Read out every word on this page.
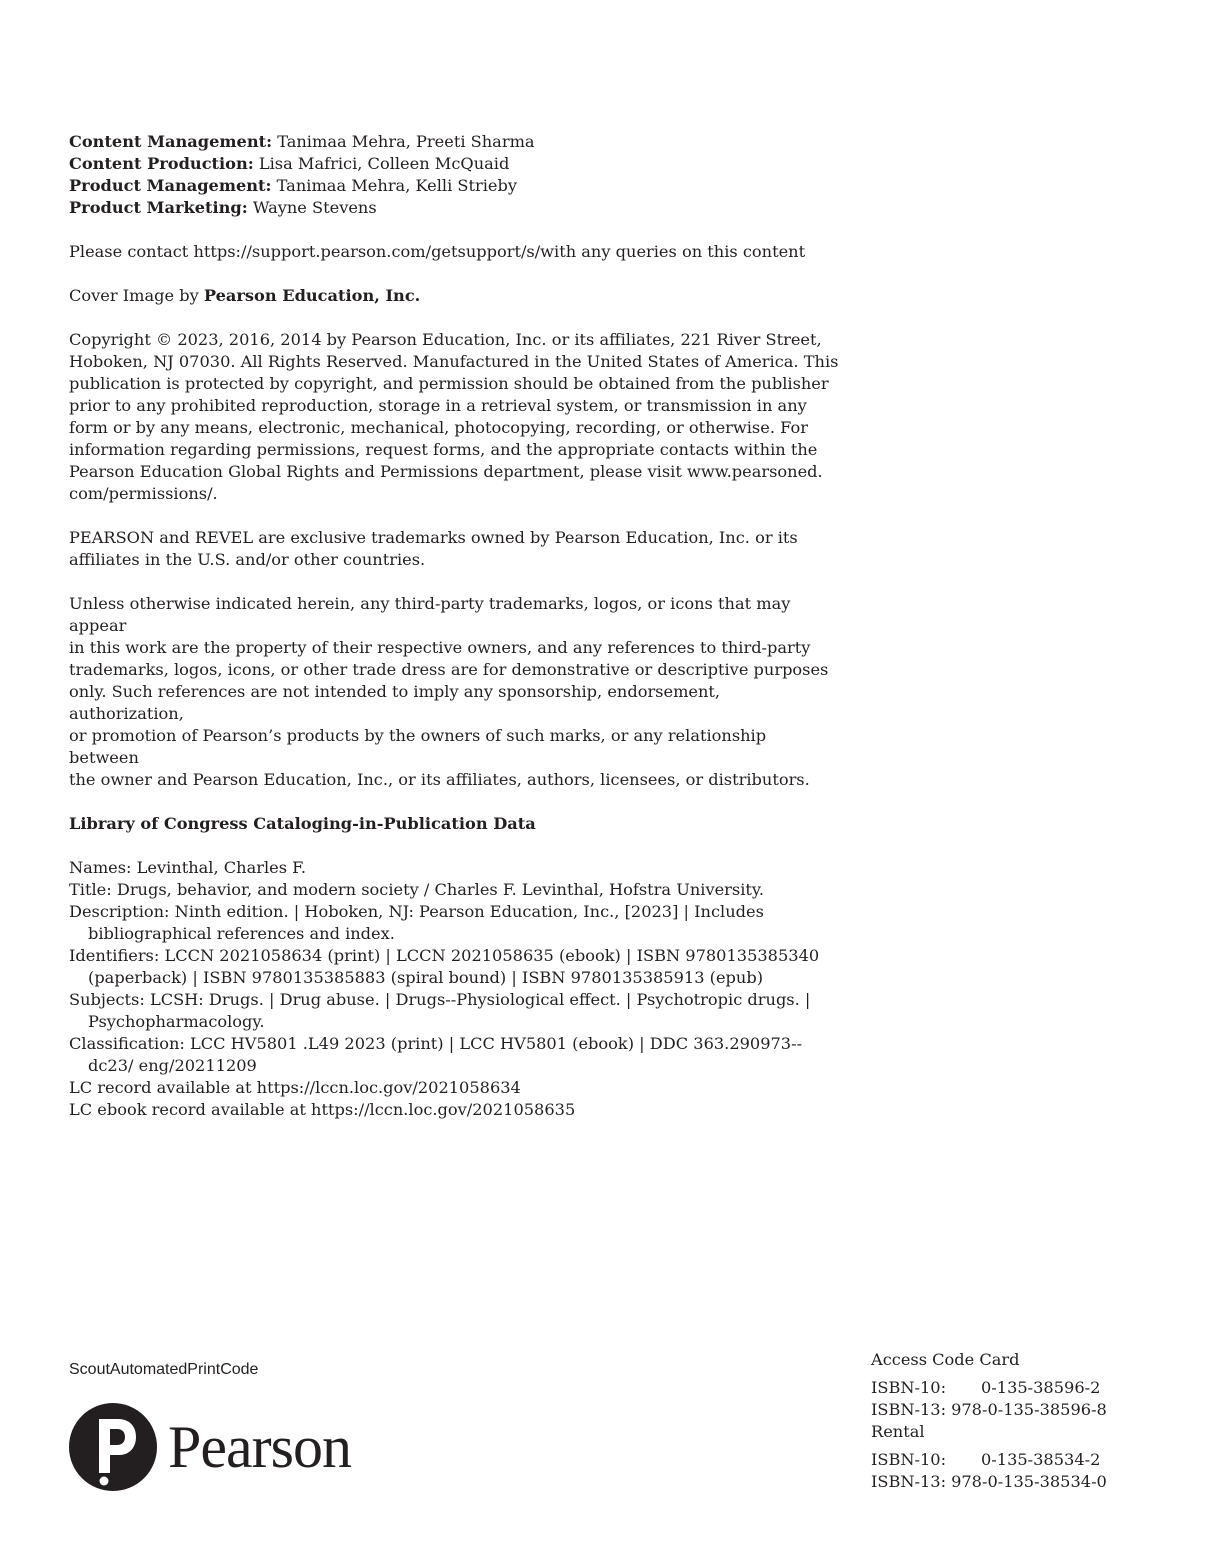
Content Management: Tanimaa Mehra, Preeti Sharma

Content Production: Lisa Mafrici, Colleen McQuaid

Product Management: Tanimaa Mehra, Kelli Strieby

Product Marketing: Wayne Stevens

Please contact https://support.pearson.com/getsupport/s/with any queries on this content

Cover Image by Pearson Education, Inc.

Copyright © 2023, 2016, 2014 by Pearson Education, Inc. or its affiliates, 221 River Street,

Hoboken, NJ 07030. All Rights Reserved. Manufactured in the United States of America. This

publication is protected by copyright, and permission should be obtained from the publisher

prior to any prohibited reproduction, storage in a retrieval system, or transmission in any

form or by any means, electronic, mechanical, photocopying, recording, or otherwise. For

information regarding permissions, request forms, and the appropriate contacts within the

Pearson Education Global Rights and Permissions department, please visit www.pearsoned.

com/permissions/.

PEARSON and REVEL are exclusive trademarks owned by Pearson Education, Inc. or its

affiliates in the U.S. and/or other countries.

Unless otherwise indicated herein, any third-party trademarks, logos, or icons that may appear

in this work are the property of their respective owners, and any references to third-party

trademarks, logos, icons, or other trade dress are for demonstrative or descriptive purposes

only. Such references are not intended to imply any sponsorship, endorsement, authorization,

or promotion of Pearson’s products by the owners of such marks, or any relationship between

the owner and Pearson Education, Inc., or its affiliates, authors, licensees, or distributors.

Library of Congress Cataloging-in-Publication Data

Names: Levinthal, Charles F.

Title: Drugs, behavior, and modern society / Charles F. Levinthal, Hofstra University.

Description: Ninth edition. | Hoboken, NJ: Pearson Education, Inc., [2023] | Includes bibliographical references and index.

Identifiers: LCCN 2021058634 (print) | LCCN 2021058635 (ebook) | ISBN 9780135385340 (paperback) | ISBN 9780135385883 (spiral bound) | ISBN 9780135385913 (epub)

Subjects: LCSH: Drugs. | Drug abuse. | Drugs--Physiological effect. | Psychotropic drugs. | Psychopharmacology.

Classification: LCC HV5801 .L49 2023 (print) | LCC HV5801 (ebook) | DDC 363.290973--dc23/ eng/20211209

LC record available at https://lccn.loc.gov/2021058634

LC ebook record available at https://lccn.loc.gov/2021058635

ScoutAutomatedPrintCode
Pearson

Access Code Card

ISBN-10:	0-135-38596-2
ISBN-13: 978-0-135-38596-8

Rental

ISBN-10:	0-135-38534-2
ISBN-13: 978-0-135-38534-0
